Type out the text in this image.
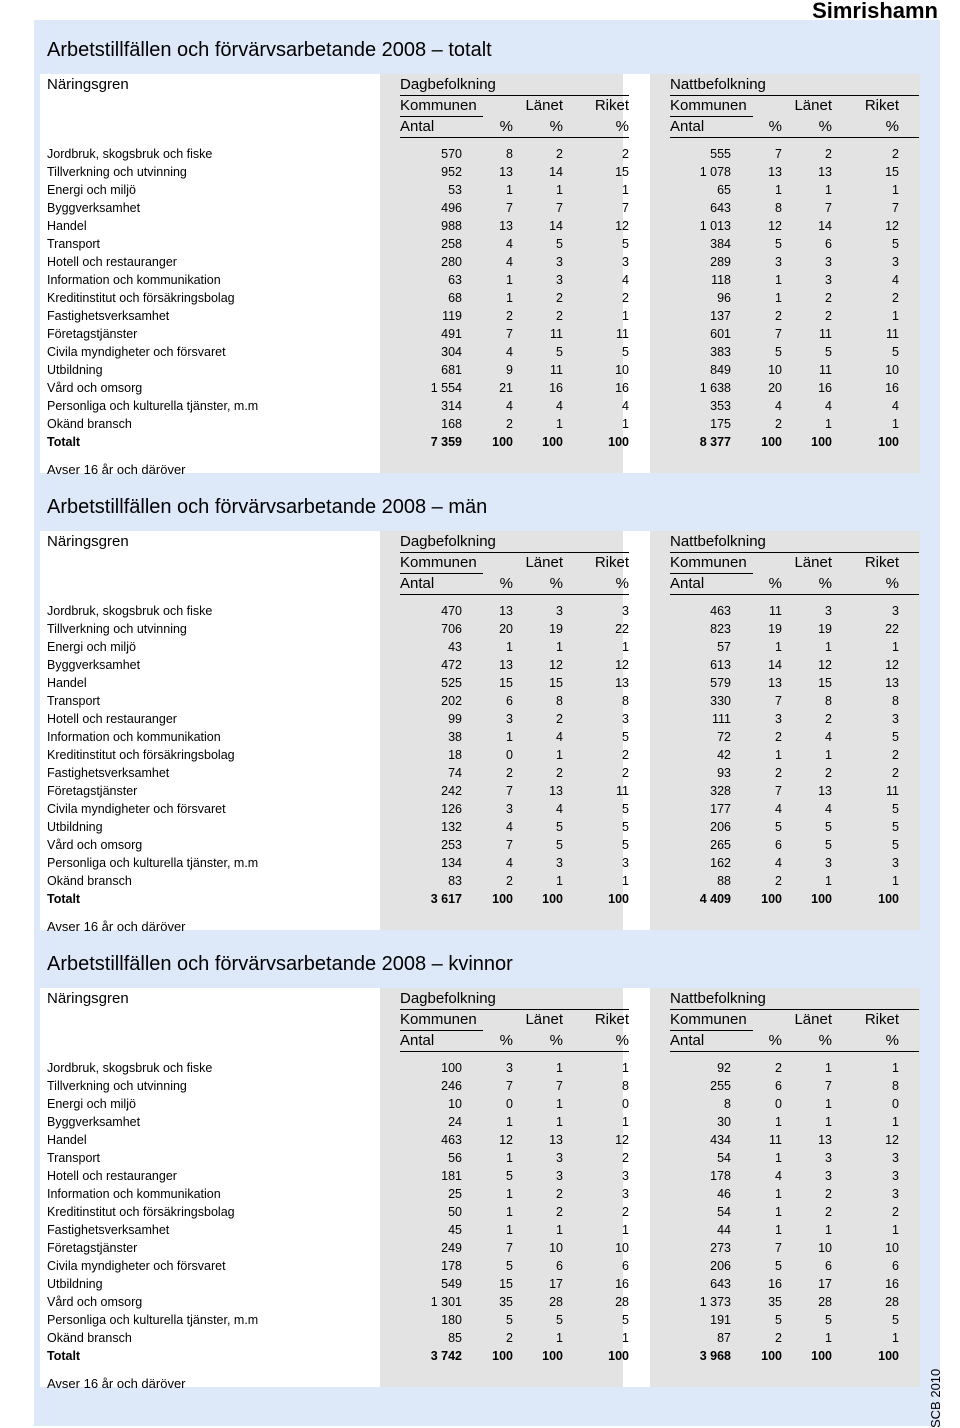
Simrishamn
SCB 2010
Arbetstillfällen och förvärvsarbetande 2008 – totalt
Näringsgren	Dagbefolkning	Nattbefolkning
Kommunen	Länet Riket	Kommunen	Länet Riket
Antal	% %	%	Antal	% %	%
Jordbruk, skogsbruk och fiske	570	8	2	2	555	7	2	2
Tillverkning och utvinning	952	13	14	15	1 078	13	13	15
Energi och miljö	53	1	1	1	65	1	1	1
Byggverksamhet	496	7	7	7	643	8	7	7
Handel	988	13	14	12	1 013	12	14	12
Transport	258	4	5	5	384	5	6	5
Hotell och restauranger	280	4	3	3	289	3	3	3
Information och kommunikation	63	1	3	4	118	1	3	4
Kreditinstitut och försäkringsbolag	68	1	2	2	96	1	2	2
Fastighetsverksamhet	119	2	2	1	137	2	2	1
Företagstjänster	491	7	11	11	601	7	11	11
Civila myndigheter och försvaret	304	4	5	5	383	5	5	5
Utbildning	681	9	11	10	849	10	11	10
Vård och omsorg	1 554	21	16	16	1 638	20	16	16
Personliga och kulturella tjänster, m.m	314	4	4	4	353	4	4	4
Okänd bransch	168	2	1	1	175	2	1	1
Totalt	7 359	100	100	100	8 377	100	100	100
Avser 16 år och däröver
Arbetstillfällen och förvärvsarbetande 2008 – män
Näringsgren	Dagbefolkning	Nattbefolkning
Kommunen	Länet Riket	Kommunen	Länet Riket
Antal	% %	%	Antal	% %	%
Jordbruk, skogsbruk och fiske	470	13	3	3	463	11	3	3
Tillverkning och utvinning	706	20	19	22	823	19	19	22
Energi och miljö	43	1	1	1	57	1	1	1
Byggverksamhet	472	13	12	12	613	14	12	12
Handel	525	15	15	13	579	13	15	13
Transport	202	6	8	8	330	7	8	8
Hotell och restauranger	99	3	2	3	111	3	2	3
Information och kommunikation	38	1	4	5	72	2	4	5
Kreditinstitut och försäkringsbolag	18	0	1	2	42	1	1	2
Fastighetsverksamhet	74	2	2	2	93	2	2	2
Företagstjänster	242	7	13	11	328	7	13	11
Civila myndigheter och försvaret	126	3	4	5	177	4	4	5
Utbildning	132	4	5	5	206	5	5	5
Vård och omsorg	253	7	5	5	265	6	5	5
Personliga och kulturella tjänster, m.m	134	4	3	3	162	4	3	3
Okänd bransch	83	2	1	1	88	2	1	1
Totalt	3 617	100	100	100	4 409	100	100	100
Avser 16 år och däröver
Arbetstillfällen och förvärvsarbetande 2008 – kvinnor
Näringsgren	Dagbefolkning	Nattbefolkning
Kommunen	Länet Riket	Kommunen	Länet Riket
Antal	% %	%	Antal	% %	%
Jordbruk, skogsbruk och fiske	100	3	1	1	92	2	1	1
Tillverkning och utvinning	246	7	7	8	255	6	7	8
Energi och miljö	10	0	1	0	8	0	1	0
Byggverksamhet	24	1	1	1	30	1	1	1
Handel	463	12	13	12	434	11	13	12
Transport	56	1	3	2	54	1	3	3
Hotell och restauranger	181	5	3	3	178	4	3	3
Information och kommunikation	25	1	2	3	46	1	2	3
Kreditinstitut och försäkringsbolag	50	1	2	2	54	1	2	2
Fastighetsverksamhet	45	1	1	1	44	1	1	1
Företagstjänster	249	7	10	10	273	7	10	10
Civila myndigheter och försvaret	178	5	6	6	206	5	6	6
Utbildning	549	15	17	16	643	16	17	16
Vård och omsorg	1 301	35	28	28	1 373	35	28	28
Personliga och kulturella tjänster, m.m	180	5	5	5	191	5	5	5
Okänd bransch	85	2	1	1	87	2	1	1
Totalt	3 742	100	100	100	3 968	100	100	100
Avser 16 år och däröver
